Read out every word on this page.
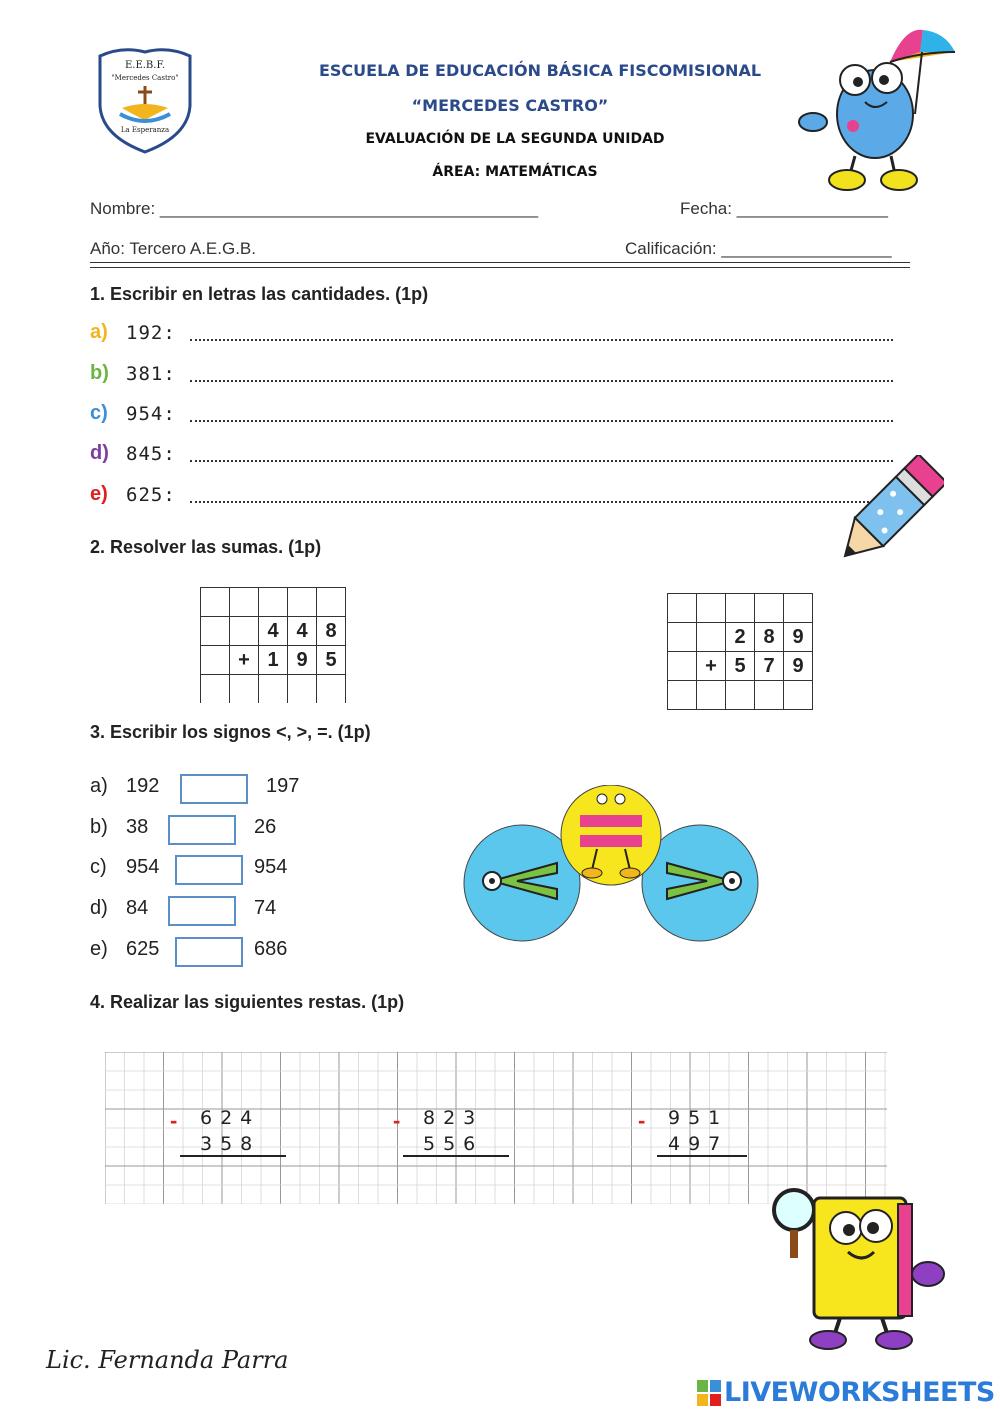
E.E.B.F.
"Mercedes Castro"
La Esperanza
ESCUELA DE EDUCACIÓN BÁSICA FISCOMISIONAL
“MERCEDES CASTRO”
EVALUACIÓN DE LA SEGUNDA UNIDAD
ÁREA: MATEMÁTICAS
Nombre: ________________________________________	Fecha: ________________
Año: Tercero A.E.G.B.	Calificación: __________________
1. Escribir en letras las cantidades. (1p)
a) 192:
b) 381:
c) 954:
d) 845:
e) 625:
2. Resolver las sumas. (1p)

		4	4	8
	+	1	9	5

		2	8	9
	+	5	7	9

3. Escribir los signos <, >, =. (1p)
a) 192	197
b) 38	26
c) 954	954
d) 84	74
e) 625	686
4. Realizar las siguientes restas. (1p)
- 624
358
- 823
556
- 951
497
Lic. Fernanda Parra
LIVEWORKSHEETS
